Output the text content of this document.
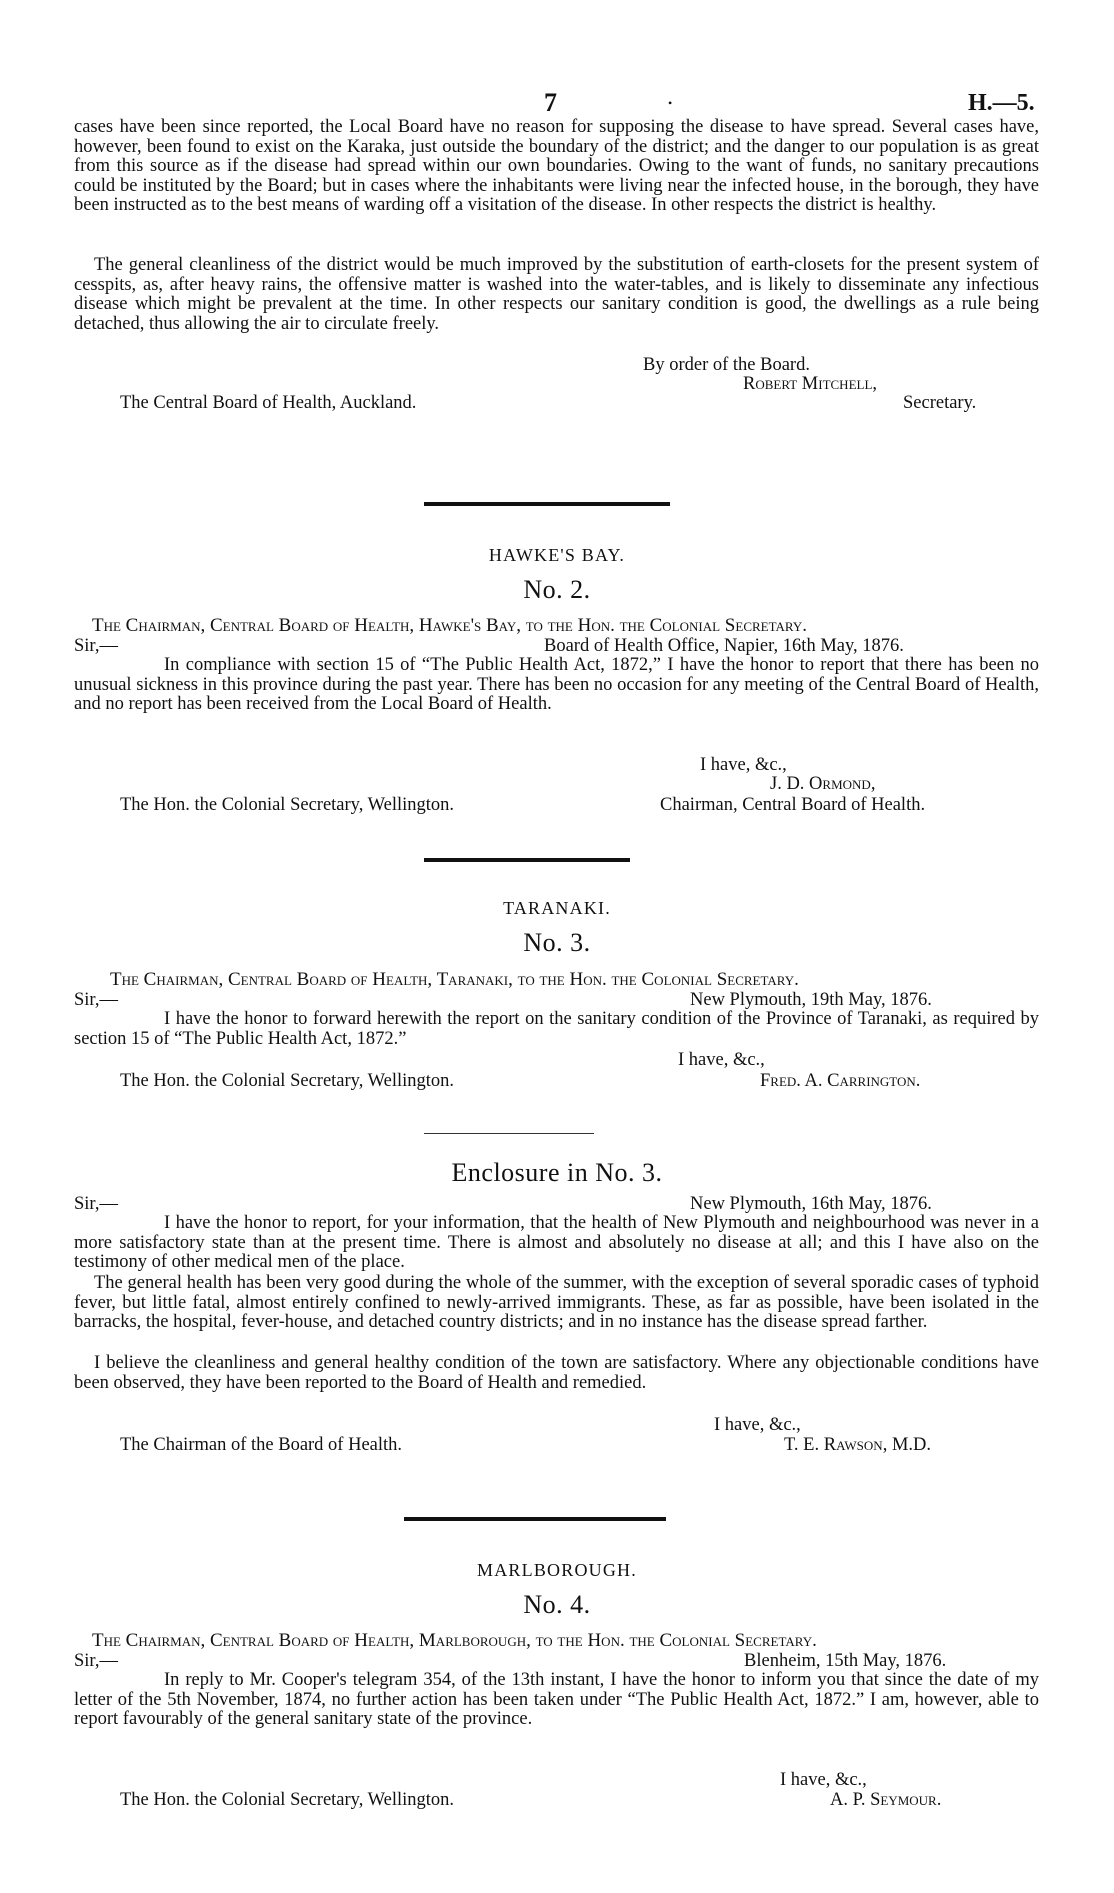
7	•	H.—5.
cases have been since reported, the Local Board have no reason for supposing the disease to have spread. Several cases have, however, been found to exist on the Karaka, just outside the boundary of the district; and the danger to our population is as great from this source as if the disease had spread within our own boundaries. Owing to the want of funds, no sanitary precautions could be instituted by the Board; but in cases where the inhabitants were living near the infected house, in the borough, they have been instructed as to the best means of warding off a visitation of the disease. In other respects the district is healthy.
The general cleanliness of the district would be much improved by the substitution of earth-closets for the present system of cesspits, as, after heavy rains, the offensive matter is washed into the water-tables, and is likely to disseminate any infectious disease which might be prevalent at the time. In other respects our sanitary condition is good, the dwellings as a rule being detached, thus allowing the air to circulate freely.
By order of the Board.
Robert Mitchell,
The Central Board of Health, Auckland.	Secretary.
HAWKE'S BAY.
No. 2.
The Chairman, Central Board of Health, Hawke's Bay, to the Hon. the Colonial Secretary.
Sir,—	Board of Health Office, Napier, 16th May, 1876.
In compliance with section 15 of “The Public Health Act, 1872,” I have the honor to report that there has been no unusual sickness in this province during the past year. There has been no occasion for any meeting of the Central Board of Health, and no report has been received from the Local Board of Health.
I have, &c.,
J. D. Ormond,
The Hon. the Colonial Secretary, Wellington.	Chairman, Central Board of Health.
TARANAKI.
No. 3.
The Chairman, Central Board of Health, Taranaki, to the Hon. the Colonial Secretary.
Sir,—	New Plymouth, 19th May, 1876.
I have the honor to forward herewith the report on the sanitary condition of the Province of Taranaki, as required by section 15 of “The Public Health Act, 1872.”
I have, &c.,
The Hon. the Colonial Secretary, Wellington.	Fred. A. Carrington.
Enclosure in No. 3.
Sir,—	New Plymouth, 16th May, 1876.
I have the honor to report, for your information, that the health of New Plymouth and neighbourhood was never in a more satisfactory state than at the present time. There is almost and absolutely no disease at all; and this I have also on the testimony of other medical men of the place.
The general health has been very good during the whole of the summer, with the exception of several sporadic cases of typhoid fever, but little fatal, almost entirely confined to newly-arrived immigrants. These, as far as possible, have been isolated in the barracks, the hospital, fever-house, and detached country districts; and in no instance has the disease spread farther.
I believe the cleanliness and general healthy condition of the town are satisfactory. Where any objectionable conditions have been observed, they have been reported to the Board of Health and remedied.
I have, &c.,
The Chairman of the Board of Health.	T. E. Rawson, M.D.
MARLBOROUGH.
No. 4.
The Chairman, Central Board of Health, Marlborough, to the Hon. the Colonial Secretary.
Sir,—	Blenheim, 15th May, 1876.
In reply to Mr. Cooper's telegram 354, of the 13th instant, I have the honor to inform you that since the date of my letter of the 5th November, 1874, no further action has been taken under “The Public Health Act, 1872.” I am, however, able to report favourably of the general sanitary state of the province.
I have, &c.,
The Hon. the Colonial Secretary, Wellington.	A. P. Seymour.
